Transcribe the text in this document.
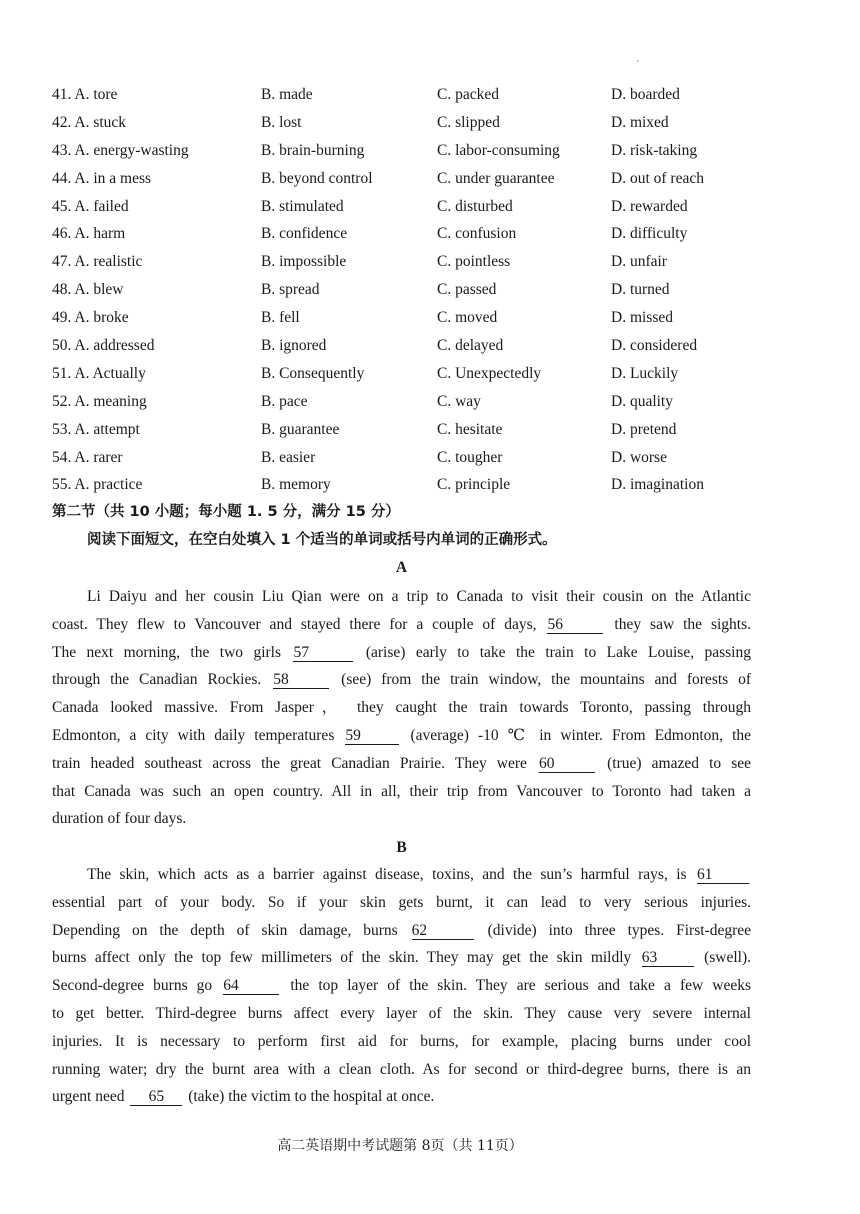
41. A. tore	B. made	C. packed	D. boarded
42. A. stuck	B. lost	C. slipped	D. mixed
43. A. energy-wasting	B. brain-burning	C. labor-consuming	D. risk-taking
44. A. in a mess	B. beyond control	C. under guarantee	D. out of reach
45. A. failed	B. stimulated	C. disturbed	D. rewarded
46. A. harm	B. confidence	C. confusion	D. difficulty
47. A. realistic	B. impossible	C. pointless	D. unfair
48. A. blew	B. spread	C. passed	D. turned
49. A. broke	B. fell	C. moved	D. missed
50. A. addressed	B. ignored	C. delayed	D. considered
51. A. Actually	B. Consequently	C. Unexpectedly	D. Luckily
52. A. meaning	B. pace	C. way	D. quality
53. A. attempt	B. guarantee	C. hesitate	D. pretend
54. A. rarer	B. easier	C. tougher	D. worse
55. A. practice	B. memory	C. principle	D. imagination
第二节（共 10 小题；每小题 1. 5 分，满分 15 分）
阅读下面短文，在空白处填入 1 个适当的单词或括号内单词的正确形式。
A
Li Daiyu and her cousin Liu Qian were on a trip to Canada to visit their cousin on the Atlantic
coast. They flew to Vancouver and stayed there for a couple of days, 56	they saw the sights.
The next morning, the two girls 57	(arise) early to take the train to Lake Louise, passing
through the Canadian Rockies. 58	(see) from the train window, the mountains and forests of
Canada looked massive. From Jasper， they caught the train towards Toronto, passing through
Edmonton, a city with daily temperatures 59	(average) -10 ℃ in winter. From Edmonton, the
train headed southeast across the great Canadian Prairie. They were 60	(true) amazed to see
that Canada was such an open country. All in all, their trip from Vancouver to Toronto had taken a
duration of four days.
B
The skin, which acts as a barrier against disease, toxins, and the sun’s harmful rays, is 61
essential part of your body. So if your skin gets burnt, it can lead to very serious injuries.
Depending on the depth of skin damage, burns 62	(divide) into three types. First-degree
burns affect only the top few millimeters of the skin. They may get the skin mildly 63	(swell).
Second-degree burns go 64	the top layer of the skin. They are serious and take a few weeks
to get better. Third-degree burns affect every layer of the skin. They cause very severe internal
injuries. It is necessary to perform first aid for burns, for example, placing burns under cool
running water; dry the burnt area with a clean cloth. As for second or third-degree burns, there is an
urgent need 65 (take) the victim to the hospital at once.
高二英语期中考试题第 8页（共 11页）
